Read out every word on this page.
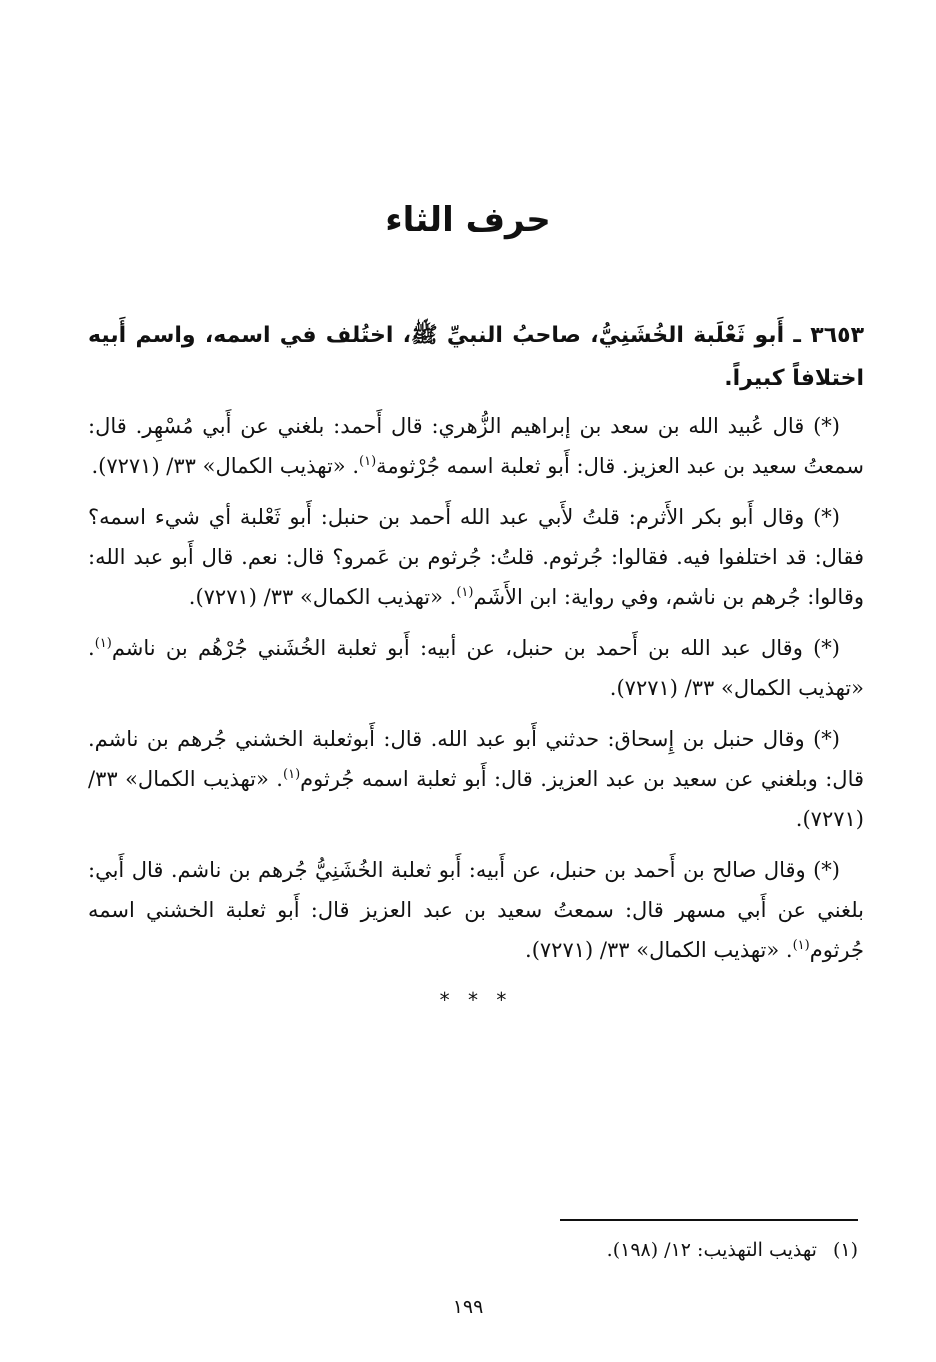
حرف الثاء

٣٦٥٣ ـ أَبو ثَعْلَبة الخُشَنِيُّ، صاحبُ النبيِّ ﷺ، اختُلف في اسمه، واسم أَبيه اختلافاً كبيراً.

(*) قال عُبيد الله بن سعد بن إبراهيم الزُّهري: قال أَحمد: بلغني عن أَبي مُسْهِر. قال: سمعتُ سعيد بن عبد العزيز. قال: أَبو ثعلبة اسمه جُرْثومة$^{(١)}$. «تهذيب الكمال» ٣٣/ (٧٢٧١).

(*) وقال أَبو بكر الأَثرم: قلتُ لأَبي عبد الله أَحمد بن حنبل: أَبو ثَعْلبة أي شيء اسمه؟ فقال: قد اختلفوا فيه. فقالوا: جُرثوم. قلتُ: جُرثوم بن عَمرو؟ قال: نعم. قال أَبو عبد الله: وقالوا: جُرهم بن ناشم، وفي رواية: ابن الأَشَم$^{(١)}$. «تهذيب الكمال» ٣٣/ (٧٢٧١).

(*) وقال عبد الله بن أَحمد بن حنبل، عن أبيه: أَبو ثعلبة الخُشَني جُرْهُم بن ناشم$^{(١)}$. «تهذيب الكمال» ٣٣/ (٧٢٧١).

(*) وقال حنبل بن إِسحاق: حدثني أَبو عبد الله. قال: أَبوثعلبة الخشني جُرهم بن ناشم. قال: وبلغني عن سعيد بن عبد العزيز. قال: أَبو ثعلبة اسمه جُرثوم$^{(١)}$. «تهذيب الكمال» ٣٣/ (٧٢٧١).

(*) وقال صالح بن أَحمد بن حنبل، عن أَبيه: أَبو ثعلبة الخُشَنِيُّ جُرهم بن ناشم. قال أَبي: بلغني عن أَبي مسهر قال: سمعتُ سعيد بن عبد العزيز قال: أَبو ثعلبة الخشني اسمه جُرثوم$^{(١)}$. «تهذيب الكمال» ٣٣/ (٧٢٧١).

* * *
(١)تهذيب التهذيب: ١٢/ (١٩٨).
١٩٩
